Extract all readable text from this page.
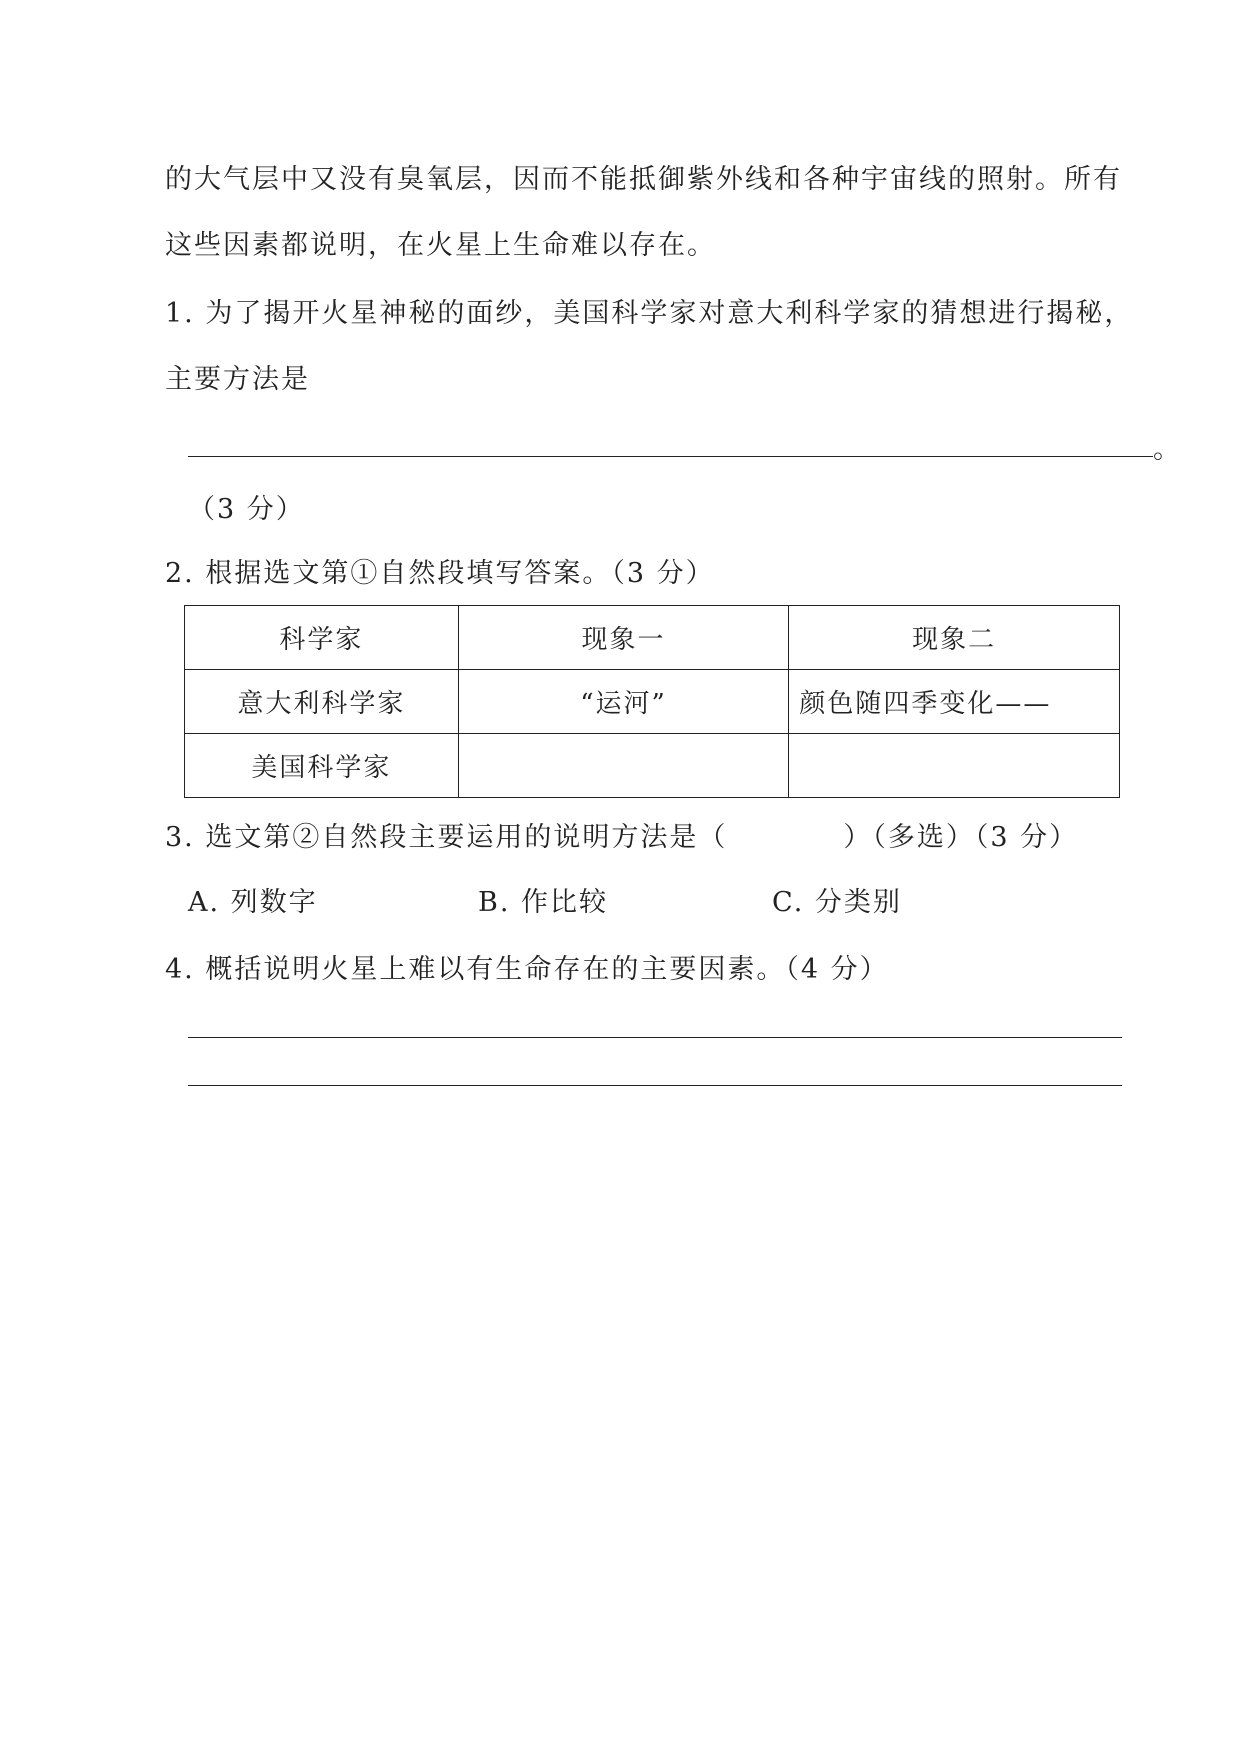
的大气层中又没有臭氧层，因而不能抵御紫外线和各种宇宙线的照射。所有
这些因素都说明，在火星上生命难以存在。
1. 为了揭开火星神秘的面纱，美国科学家对意大利科学家的猜想进行揭秘，
主要方法是
。
（3 分）
2. 根据选文第①自然段填写答案。（3 分）
科学家	现象一	现象二
意大利科学家	“运河”	颜色随四季变化——
美国科学家		
3. 选文第②自然段主要运用的说明方法是（　　　　）（多选）（3 分）
A. 列数字	B. 作比较	C. 分类别
4. 概括说明火星上难以有生命存在的主要因素。（4 分）
